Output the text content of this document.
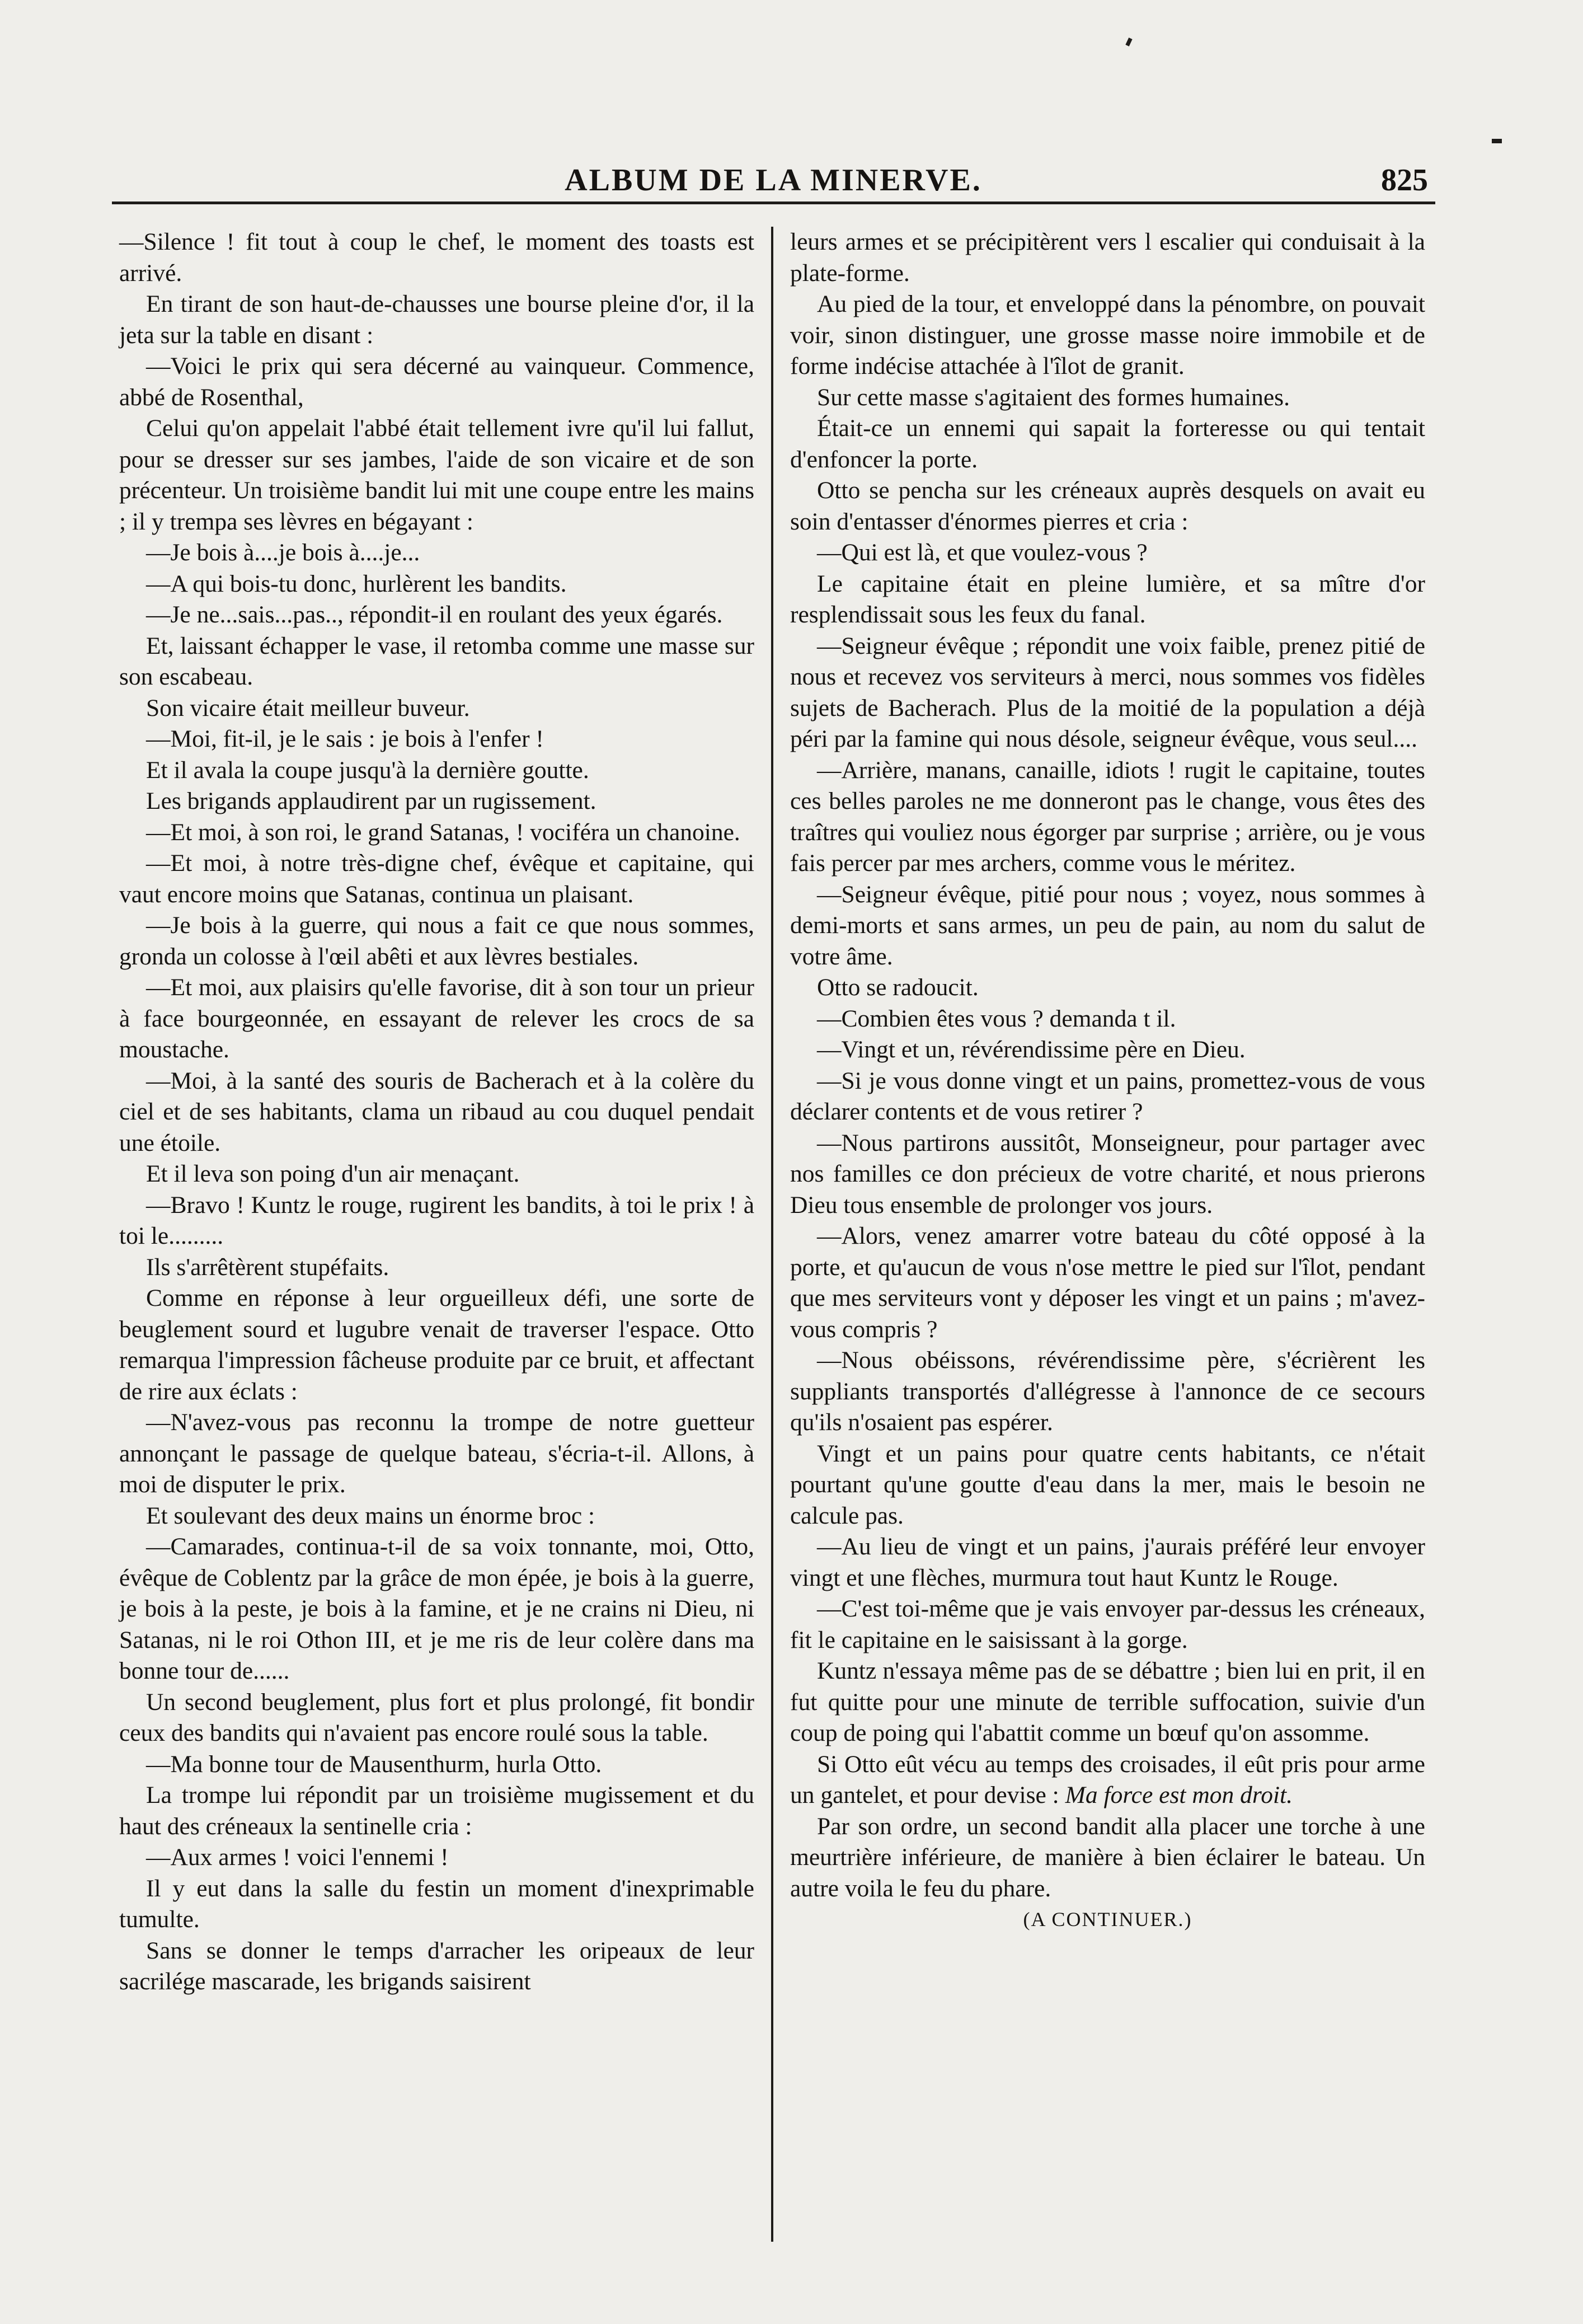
ALBUM DE LA MINERVE.	825

—Silence ! fit tout à coup le chef, le moment des toasts est arrivé.

En tirant de son haut-de-chausses une bourse pleine d'or, il la jeta sur la table en disant :

—Voici le prix qui sera décerné au vainqueur. Commence, abbé de Rosenthal,

Celui qu'on appelait l'abbé était tellement ivre qu'il lui fallut, pour se dresser sur ses jambes, l'aide de son vicaire et de son précenteur. Un troisième bandit lui mit une coupe entre les mains ; il y trempa ses lèvres en bégayant :

—Je bois à....je bois à....je...

—A qui bois-tu donc, hurlèrent les bandits.

—Je ne...sais...pas.., répondit-il en roulant des yeux égarés.

Et, laissant échapper le vase, il retomba comme une masse sur son escabeau.

Son vicaire était meilleur buveur.

—Moi, fit-il, je le sais : je bois à l'enfer !

Et il avala la coupe jusqu'à la dernière goutte.

Les brigands applaudirent par un rugissement.

—Et moi, à son roi, le grand Satanas, ! vociféra un chanoine.

—Et moi, à notre très-digne chef, évêque et capitaine, qui vaut encore moins que Satanas, continua un plaisant.

—Je bois à la guerre, qui nous a fait ce que nous sommes, gronda un colosse à l'œil abêti et aux lèvres bestiales.

—Et moi, aux plaisirs qu'elle favorise, dit à son tour un prieur à face bourgeonnée, en essayant de relever les crocs de sa moustache.

—Moi, à la santé des souris de Bacherach et à la colère du ciel et de ses habitants, clama un ribaud au cou duquel pendait une étoile.

Et il leva son poing d'un air menaçant.

—Bravo ! Kuntz le rouge, rugirent les bandits, à toi le prix ! à toi le.........

Ils s'arrêtèrent stupéfaits.

Comme en réponse à leur orgueilleux défi, une sorte de beuglement sourd et lugubre venait de traverser l'espace. Otto remarqua l'impression fâcheuse produite par ce bruit, et affectant de rire aux éclats :

—N'avez-vous pas reconnu la trompe de notre guetteur annonçant le passage de quelque bateau, s'écria-t-il. Allons, à moi de disputer le prix.

Et soulevant des deux mains un énorme broc :

—Camarades, continua-t-il de sa voix tonnante, moi, Otto, évêque de Coblentz par la grâce de mon épée, je bois à la guerre, je bois à la peste, je bois à la famine, et je ne crains ni Dieu, ni Satanas, ni le roi Othon III, et je me ris de leur colère dans ma bonne tour de......

Un second beuglement, plus fort et plus prolongé, fit bondir ceux des bandits qui n'avaient pas encore roulé sous la table.

—Ma bonne tour de Mausenthurm, hurla Otto.

La trompe lui répondit par un troisième mugissement et du haut des créneaux la sentinelle cria :

—Aux armes ! voici l'ennemi !

Il y eut dans la salle du festin un moment d'inexprimable tumulte.

Sans se donner le temps d'arracher les oripeaux de leur sacrilége mascarade, les brigands saisirent

leurs armes et se précipitèrent vers l escalier qui conduisait à la plate-forme.

Au pied de la tour, et enveloppé dans la pénombre, on pouvait voir, sinon distinguer, une grosse masse noire immobile et de forme indécise attachée à l'îlot de granit.

Sur cette masse s'agitaient des formes humaines.

Était-ce un ennemi qui sapait la forteresse ou qui tentait d'enfoncer la porte.

Otto se pencha sur les créneaux auprès desquels on avait eu soin d'entasser d'énormes pierres et cria :

—Qui est là, et que voulez-vous ?

Le capitaine était en pleine lumière, et sa mître d'or resplendissait sous les feux du fanal.

—Seigneur évêque ; répondit une voix faible, prenez pitié de nous et recevez vos serviteurs à merci, nous sommes vos fidèles sujets de Bacherach. Plus de la moitié de la population a déjà péri par la famine qui nous désole, seigneur évêque, vous seul....

—Arrière, manans, canaille, idiots ! rugit le capitaine, toutes ces belles paroles ne me donneront pas le change, vous êtes des traîtres qui vouliez nous égorger par surprise ; arrière, ou je vous fais percer par mes archers, comme vous le méritez.

—Seigneur évêque, pitié pour nous ; voyez, nous sommes à demi-morts et sans armes, un peu de pain, au nom du salut de votre âme.

Otto se radoucit.

—Combien êtes vous ? demanda t il.

—Vingt et un, révérendissime père en Dieu.

—Si je vous donne vingt et un pains, promettez-vous de vous déclarer contents et de vous retirer ?

—Nous partirons aussitôt, Monseigneur, pour partager avec nos familles ce don précieux de votre charité, et nous prierons Dieu tous ensemble de prolonger vos jours.

—Alors, venez amarrer votre bateau du côté opposé à la porte, et qu'aucun de vous n'ose mettre le pied sur l'îlot, pendant que mes serviteurs vont y déposer les vingt et un pains ; m'avez-vous compris ?

—Nous obéissons, révérendissime père, s'écrièrent les suppliants transportés d'allégresse à l'annonce de ce secours qu'ils n'osaient pas espérer.

Vingt et un pains pour quatre cents habitants, ce n'était pourtant qu'une goutte d'eau dans la mer, mais le besoin ne calcule pas.

—Au lieu de vingt et un pains, j'aurais préféré leur envoyer vingt et une flèches, murmura tout haut Kuntz le Rouge.

—C'est toi-même que je vais envoyer par-dessus les créneaux, fit le capitaine en le saisissant à la gorge.

Kuntz n'essaya même pas de se débattre ; bien lui en prit, il en fut quitte pour une minute de terrible suffocation, suivie d'un coup de poing qui l'abattit comme un bœuf qu'on assomme.

Si Otto eût vécu au temps des croisades, il eût pris pour arme un gantelet, et pour devise : Ma force est mon droit.

Par son ordre, un second bandit alla placer une torche à une meurtrière inférieure, de manière à bien éclairer le bateau. Un autre voila le feu du phare.

(A CONTINUER.)
